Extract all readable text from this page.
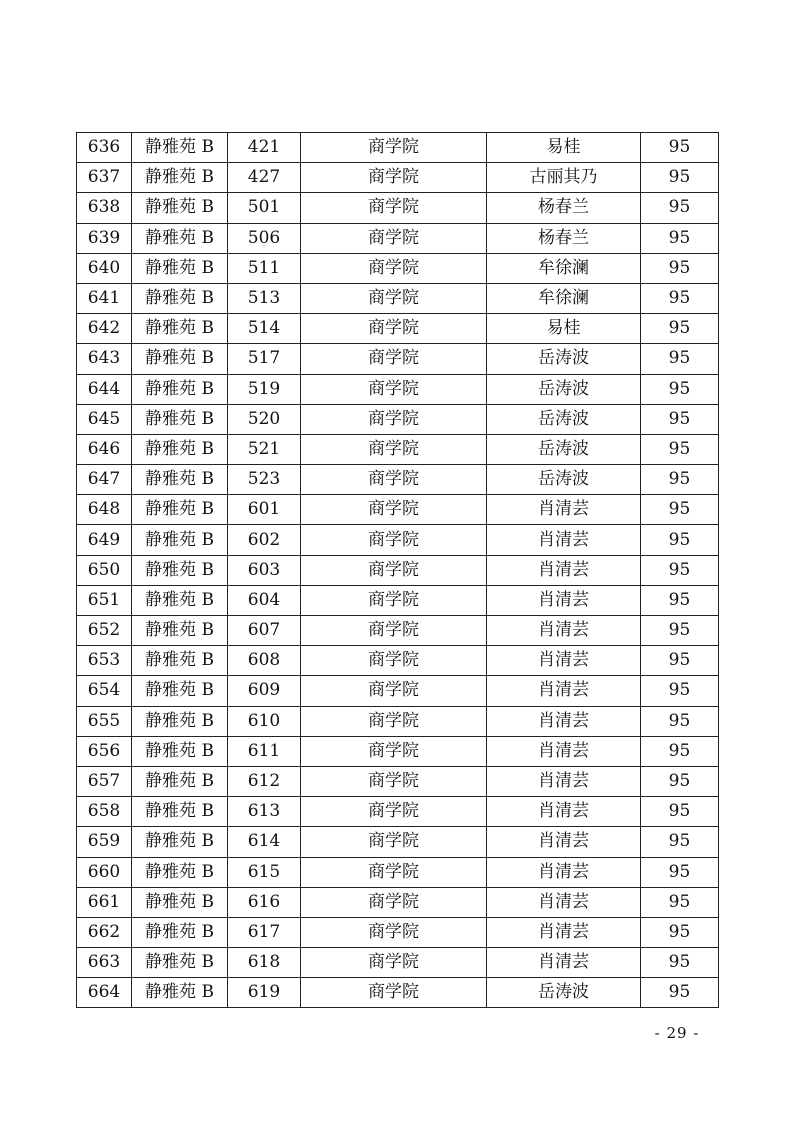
636	静雅苑 B	421	商学院	易桂	95
637	静雅苑 B	427	商学院	古丽其乃	95
638	静雅苑 B	501	商学院	杨春兰	95
639	静雅苑 B	506	商学院	杨春兰	95
640	静雅苑 B	511	商学院	牟徐澜	95
641	静雅苑 B	513	商学院	牟徐澜	95
642	静雅苑 B	514	商学院	易桂	95
643	静雅苑 B	517	商学院	岳涛波	95
644	静雅苑 B	519	商学院	岳涛波	95
645	静雅苑 B	520	商学院	岳涛波	95
646	静雅苑 B	521	商学院	岳涛波	95
647	静雅苑 B	523	商学院	岳涛波	95
648	静雅苑 B	601	商学院	肖清芸	95
649	静雅苑 B	602	商学院	肖清芸	95
650	静雅苑 B	603	商学院	肖清芸	95
651	静雅苑 B	604	商学院	肖清芸	95
652	静雅苑 B	607	商学院	肖清芸	95
653	静雅苑 B	608	商学院	肖清芸	95
654	静雅苑 B	609	商学院	肖清芸	95
655	静雅苑 B	610	商学院	肖清芸	95
656	静雅苑 B	611	商学院	肖清芸	95
657	静雅苑 B	612	商学院	肖清芸	95
658	静雅苑 B	613	商学院	肖清芸	95
659	静雅苑 B	614	商学院	肖清芸	95
660	静雅苑 B	615	商学院	肖清芸	95
661	静雅苑 B	616	商学院	肖清芸	95
662	静雅苑 B	617	商学院	肖清芸	95
663	静雅苑 B	618	商学院	肖清芸	95
664	静雅苑 B	619	商学院	岳涛波	95
- 29 -
